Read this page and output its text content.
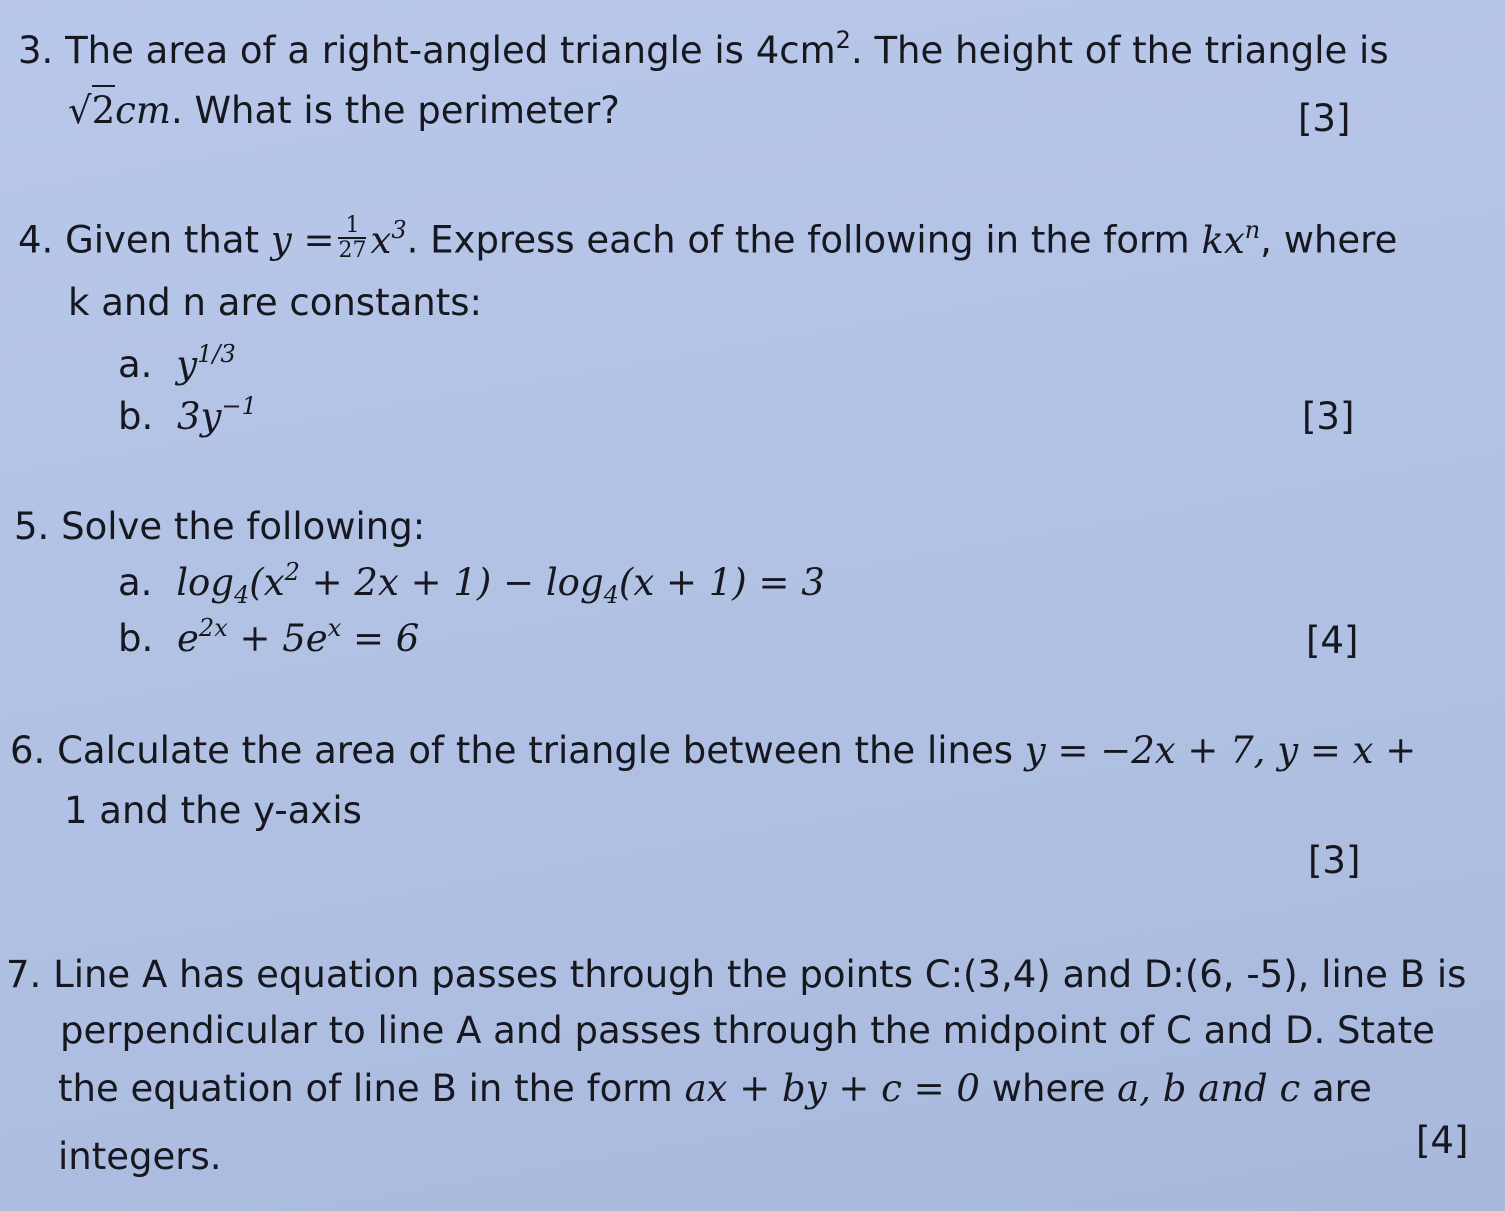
3. The area of a right-angled triangle is $4cm^2$. The height of the triangle is
√2cm. What is the perimeter?	[3]
4. Given that $y = \frac{1}{27} x^3$. Express each of the following in the form $kx^n$, where
k and n are constants:
a. $y^{1/3}$
b. $3y^{-1}$	[3]
5. Solve the following:
a. $\log_4(x^2 + 2x + 1) - \log_4(x + 1) = 3$
b. $e^{2x} + 5e^x = 6$	[4]
6. Calculate the area of the triangle between the lines y = −2x + 7, y = x +
1 and the y-axis
[3]
7. Line A has equation passes through the points C:(3,4) and D:(6, -5), line B is
perpendicular to line A and passes through the midpoint of C and D. State
the equation of line B in the form ax + by + c = 0 where a, b and c are
integers.	[4]
